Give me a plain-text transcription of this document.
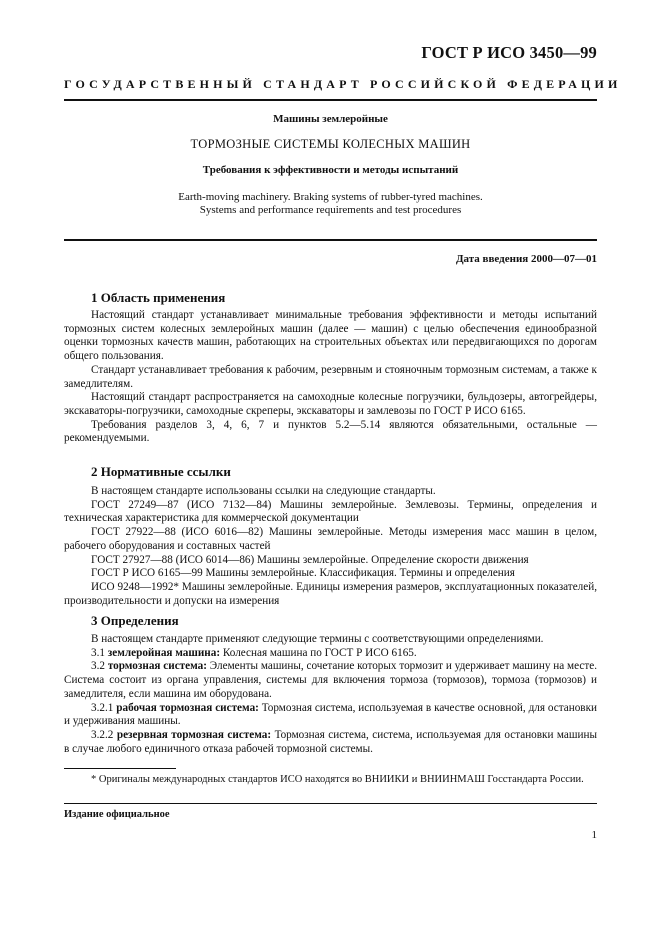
ГОСТ Р ИСО 3450—99
ГОСУДАРСТВЕННЫЙ СТАНДАРТ РОССИЙСКОЙ ФЕДЕРАЦИИ
Машины землеройные
ТОРМОЗНЫЕ СИСТЕМЫ КОЛЕСНЫХ МАШИН
Требования к эффективности и методы испытаний
Earth-moving machinery. Braking systems of rubber-tyred machines.
Systems and performance requirements and test procedures
Дата введения 2000—07—01
1 Область применения

Настоящий стандарт устанавливает минимальные требования эффективности и методы испытаний тормозных систем колесных землеройных машин (далее — машин) с целью обеспечения единообразной оценки тормозных качеств машин, работающих на строительных объектах или передвигающихся по дорогам общего пользования.

Стандарт устанавливает требования к рабочим, резервным и стояночным тормозным системам, а также к замедлителям.

Настоящий стандарт распространяется на самоходные колесные погрузчики, бульдозеры, автогрейдеры, экскаваторы-погрузчики, самоходные скреперы, экскаваторы и замлевозы по ГОСТ Р ИСО 6165.

Требования разделов 3, 4, 6, 7 и пунктов 5.2—5.14 являются обязательными, остальные — рекомендуемыми.

2 Нормативные ссылки

В настоящем стандарте использованы ссылки на следующие стандарты.

ГОСТ 27249—87 (ИСО 7132—84) Машины землеройные. Землевозы. Термины, определения и техническая характеристика для коммерческой документации

ГОСТ 27922—88 (ИСО 6016—82) Машины землеройные. Методы измерения масс машин в целом, рабочего оборудования и составных частей

ГОСТ 27927—88 (ИСО 6014—86) Машины землеройные. Определение скорости движения

ГОСТ Р ИСО 6165—99 Машины землеройные. Классификация. Термины и определения

ИСО 9248—1992* Машины землеройные. Единицы измерения размеров, эксплуатационных показателей, производительности и допуски на измерения

3 Определения

В настоящем стандарте применяют следующие термины с соответствующими определениями.

3.1 землеройная машина: Колесная машина по ГОСТ Р ИСО 6165.

3.2 тормозная система: Элементы машины, сочетание которых тормозит и удерживает машину на месте. Система состоит из органа управления, системы для включения тормоза (тормозов), тормоза (тормозов) и замедлителя, если машина им оборудована.

3.2.1 рабочая тормозная система: Тормозная система, используемая в качестве основной, для остановки и удерживания машины.

3.2.2 резервная тормозная система: Тормозная система, система, используемая для остановки машины в случае любого единичного отказа рабочей тормозной системы.

* Оригиналы международных стандартов ИСО находятся во ВНИИКИ и ВНИИНМАШ Госстандарта России.

Издание официальное
1
